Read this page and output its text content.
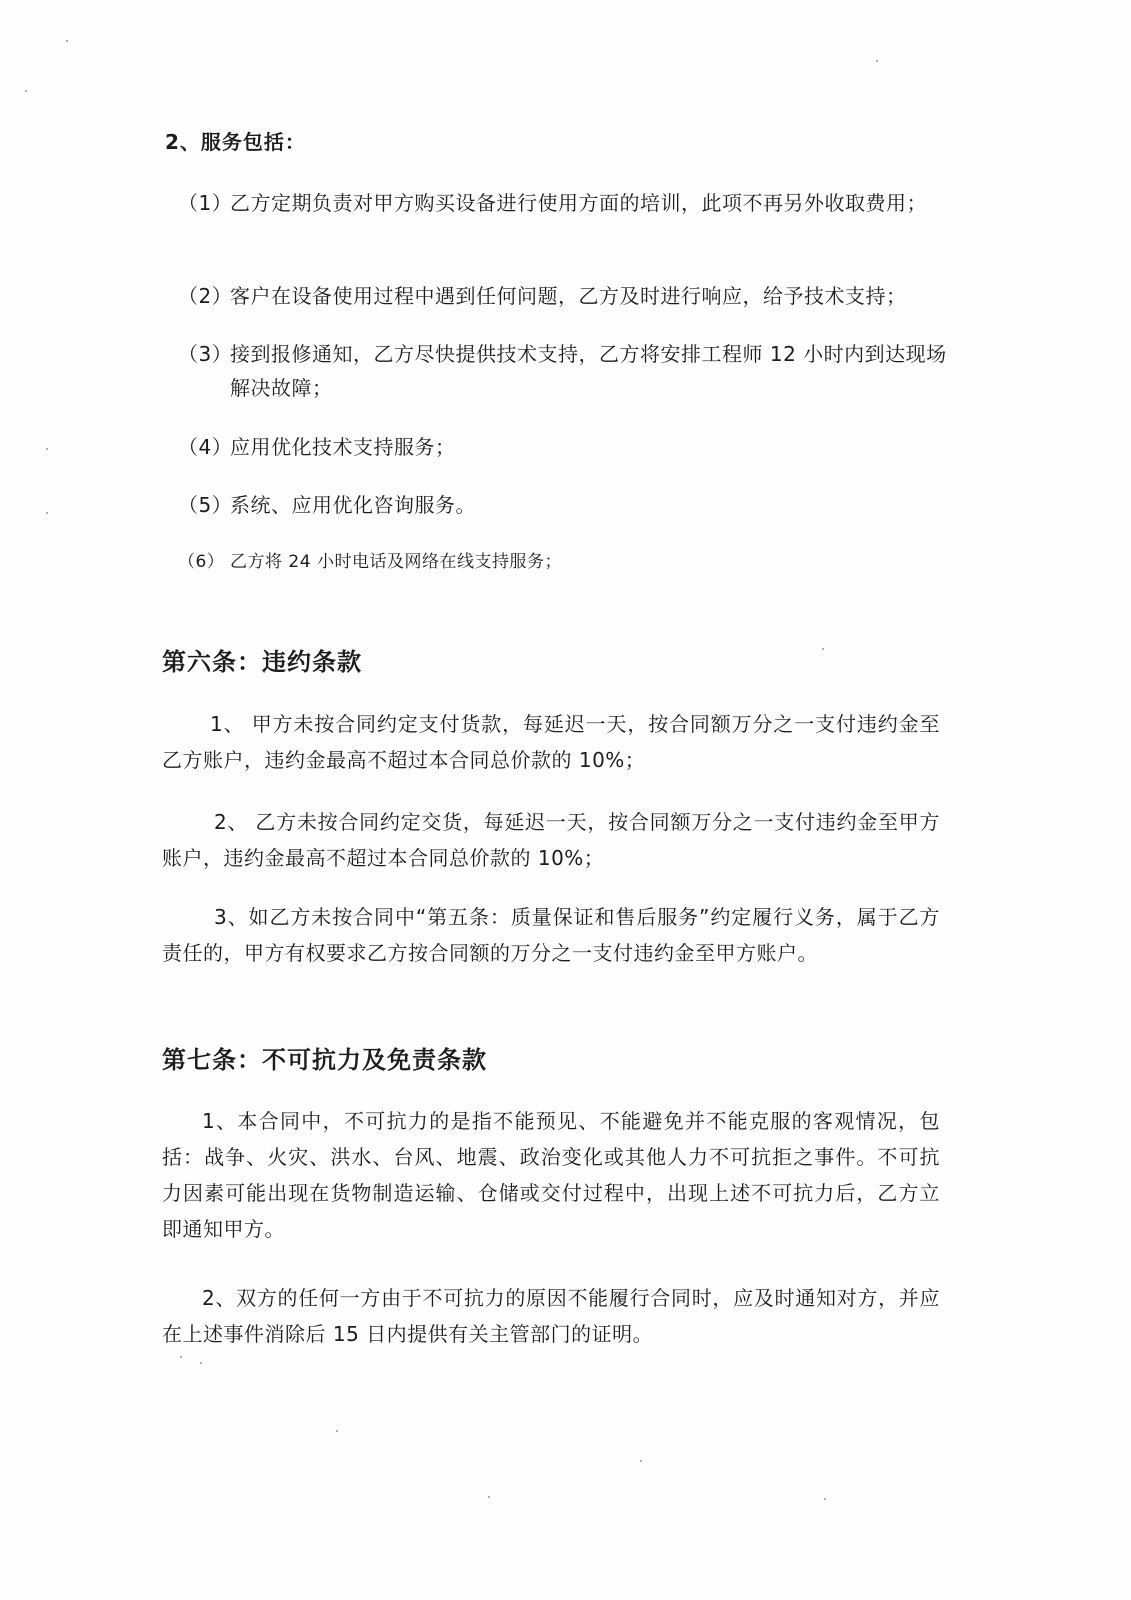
2、服务包括：
（1）
乙方定期负责对甲方购买设备进行使用方面的培训，此项不再另外收取费用；
（2）
客户在设备使用过程中遇到任何问题，乙方及时进行响应，给予技术支持；
（3）
接到报修通知，乙方尽快提供技术支持，乙方将安排工程师 12 小时内到达现场解决故障；
（4）
应用优化技术支持服务；
（5）
系统、应用优化咨询服务。
（6） 乙方将 24 小时电话及网络在线支持服务；
第六条：违约条款
1、 甲方未按合同约定支付货款，每延迟一天，按合同额万分之一支付违约金至乙方账户，违约金最高不超过本合同总价款的 10%；
2、 乙方未按合同约定交货，每延迟一天，按合同额万分之一支付违约金至甲方账户，违约金最高不超过本合同总价款的 10%；
3、如乙方未按合同中“第五条：质量保证和售后服务”约定履行义务，属于乙方责任的，甲方有权要求乙方按合同额的万分之一支付违约金至甲方账户。
第七条：不可抗力及免责条款
1、本合同中，不可抗力的是指不能预见、不能避免并不能克服的客观情况，包括：战争、火灾、洪水、台风、地震、政治变化或其他人力不可抗拒之事件。不可抗力因素可能出现在货物制造运输、仓储或交付过程中，出现上述不可抗力后，乙方立即通知甲方。
2、双方的任何一方由于不可抗力的原因不能履行合同时，应及时通知对方，并应在上述事件消除后 15 日内提供有关主管部门的证明。
